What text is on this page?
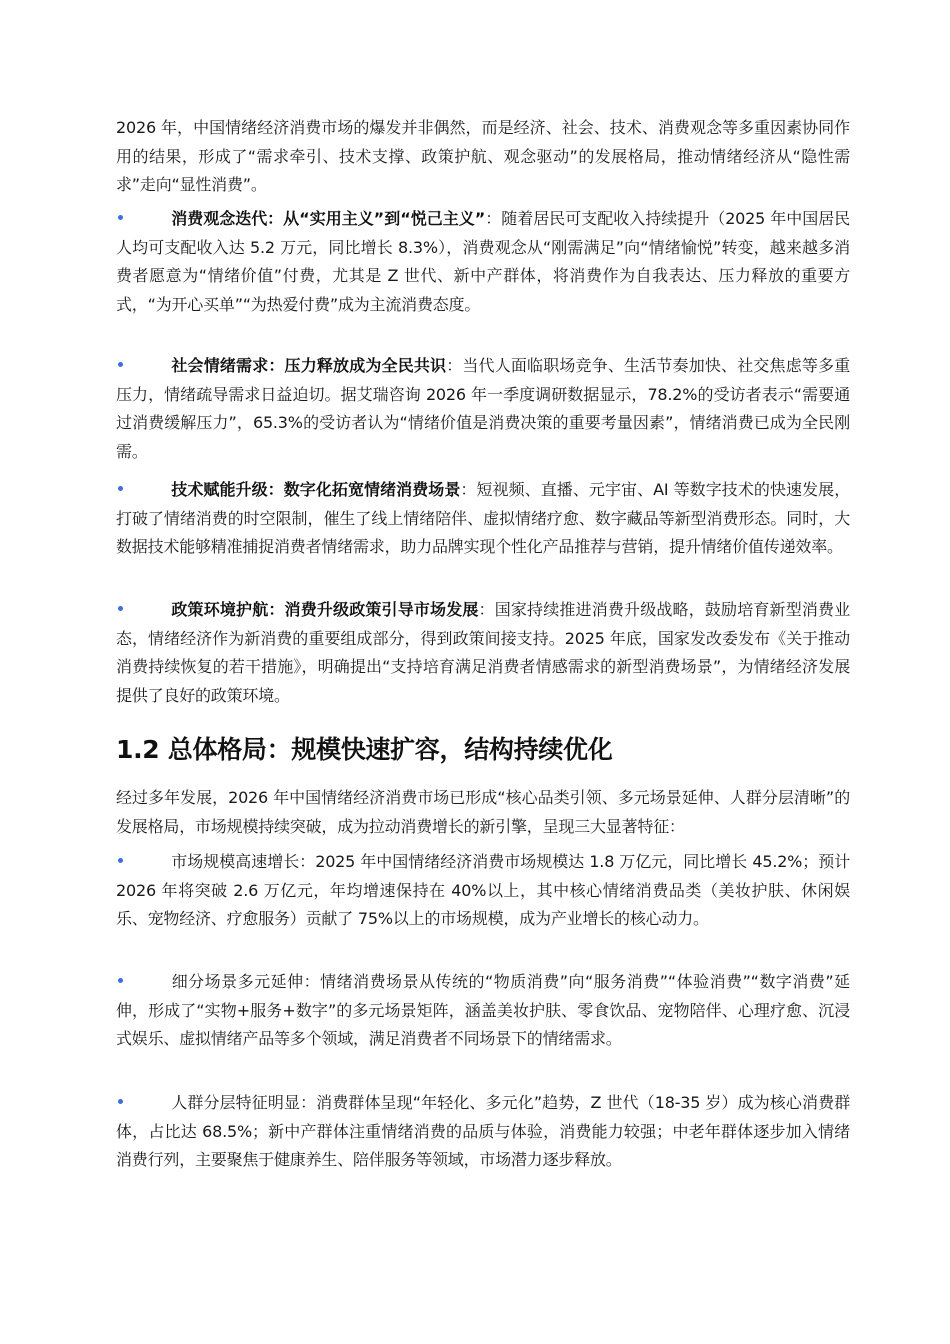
2026 年，中国情绪经济消费市场的爆发并非偶然，而是经济、社会、技术、消费观念等多重因素协同作用的结果，形成了“需求牵引、技术支撑、政策护航、观念驱动”的发展格局，推动情绪经济从“隐性需求”走向“显性消费”。

消费观念迭代：从“实用主义”到“悦己主义”：随着居民可支配收入持续提升（2025 年中国居民人均可支配收入达 5.2 万元，同比增长 8.3%），消费观念从“刚需满足”向“情绪愉悦”转变，越来越多消费者愿意为“情绪价值”付费，尤其是 Z 世代、新中产群体，将消费作为自我表达、压力释放的重要方式，“为开心买单”“为热爱付费”成为主流消费态度。
社会情绪需求：压力释放成为全民共识：当代人面临职场竞争、生活节奏加快、社交焦虑等多重压力，情绪疏导需求日益迫切。据艾瑞咨询 2026 年一季度调研数据显示，78.2%的受访者表示“需要通过消费缓解压力”，65.3%的受访者认为“情绪价值是消费决策的重要考量因素”，情绪消费已成为全民刚需。
技术赋能升级：数字化拓宽情绪消费场景：短视频、直播、元宇宙、AI 等数字技术的快速发展，打破了情绪消费的时空限制，催生了线上情绪陪伴、虚拟情绪疗愈、数字藏品等新型消费形态。同时，大数据技术能够精准捕捉消费者情绪需求，助力品牌实现个性化产品推荐与营销，提升情绪价值传递效率。
政策环境护航：消费升级政策引导市场发展：国家持续推进消费升级战略，鼓励培育新型消费业态，情绪经济作为新消费的重要组成部分，得到政策间接支持。2025 年底，国家发改委发布《关于推动消费持续恢复的若干措施》，明确提出“支持培育满足消费者情感需求的新型消费场景”，为情绪经济发展提供了良好的政策环境。
1.2 总体格局：规模快速扩容，结构持续优化

经过多年发展，2026 年中国情绪经济消费市场已形成“核心品类引领、多元场景延伸、人群分层清晰”的发展格局，市场规模持续突破，成为拉动消费增长的新引擎，呈现三大显著特征：

市场规模高速增长：2025 年中国情绪经济消费市场规模达 1.8 万亿元，同比增长 45.2%；预计 2026 年将突破 2.6 万亿元，年均增速保持在 40%以上，其中核心情绪消费品类（美妆护肤、休闲娱乐、宠物经济、疗愈服务）贡献了 75%以上的市场规模，成为产业增长的核心动力。
细分场景多元延伸：情绪消费场景从传统的“物质消费”向“服务消费”“体验消费”“数字消费”延伸，形成了“实物+服务+数字”的多元场景矩阵，涵盖美妆护肤、零食饮品、宠物陪伴、心理疗愈、沉浸式娱乐、虚拟情绪产品等多个领域，满足消费者不同场景下的情绪需求。
人群分层特征明显：消费群体呈现“年轻化、多元化”趋势，Z 世代（18-35 岁）成为核心消费群体，占比达 68.5%；新中产群体注重情绪消费的品质与体验，消费能力较强；中老年群体逐步加入情绪消费行列，主要聚焦于健康养生、陪伴服务等领域，市场潜力逐步释放。
